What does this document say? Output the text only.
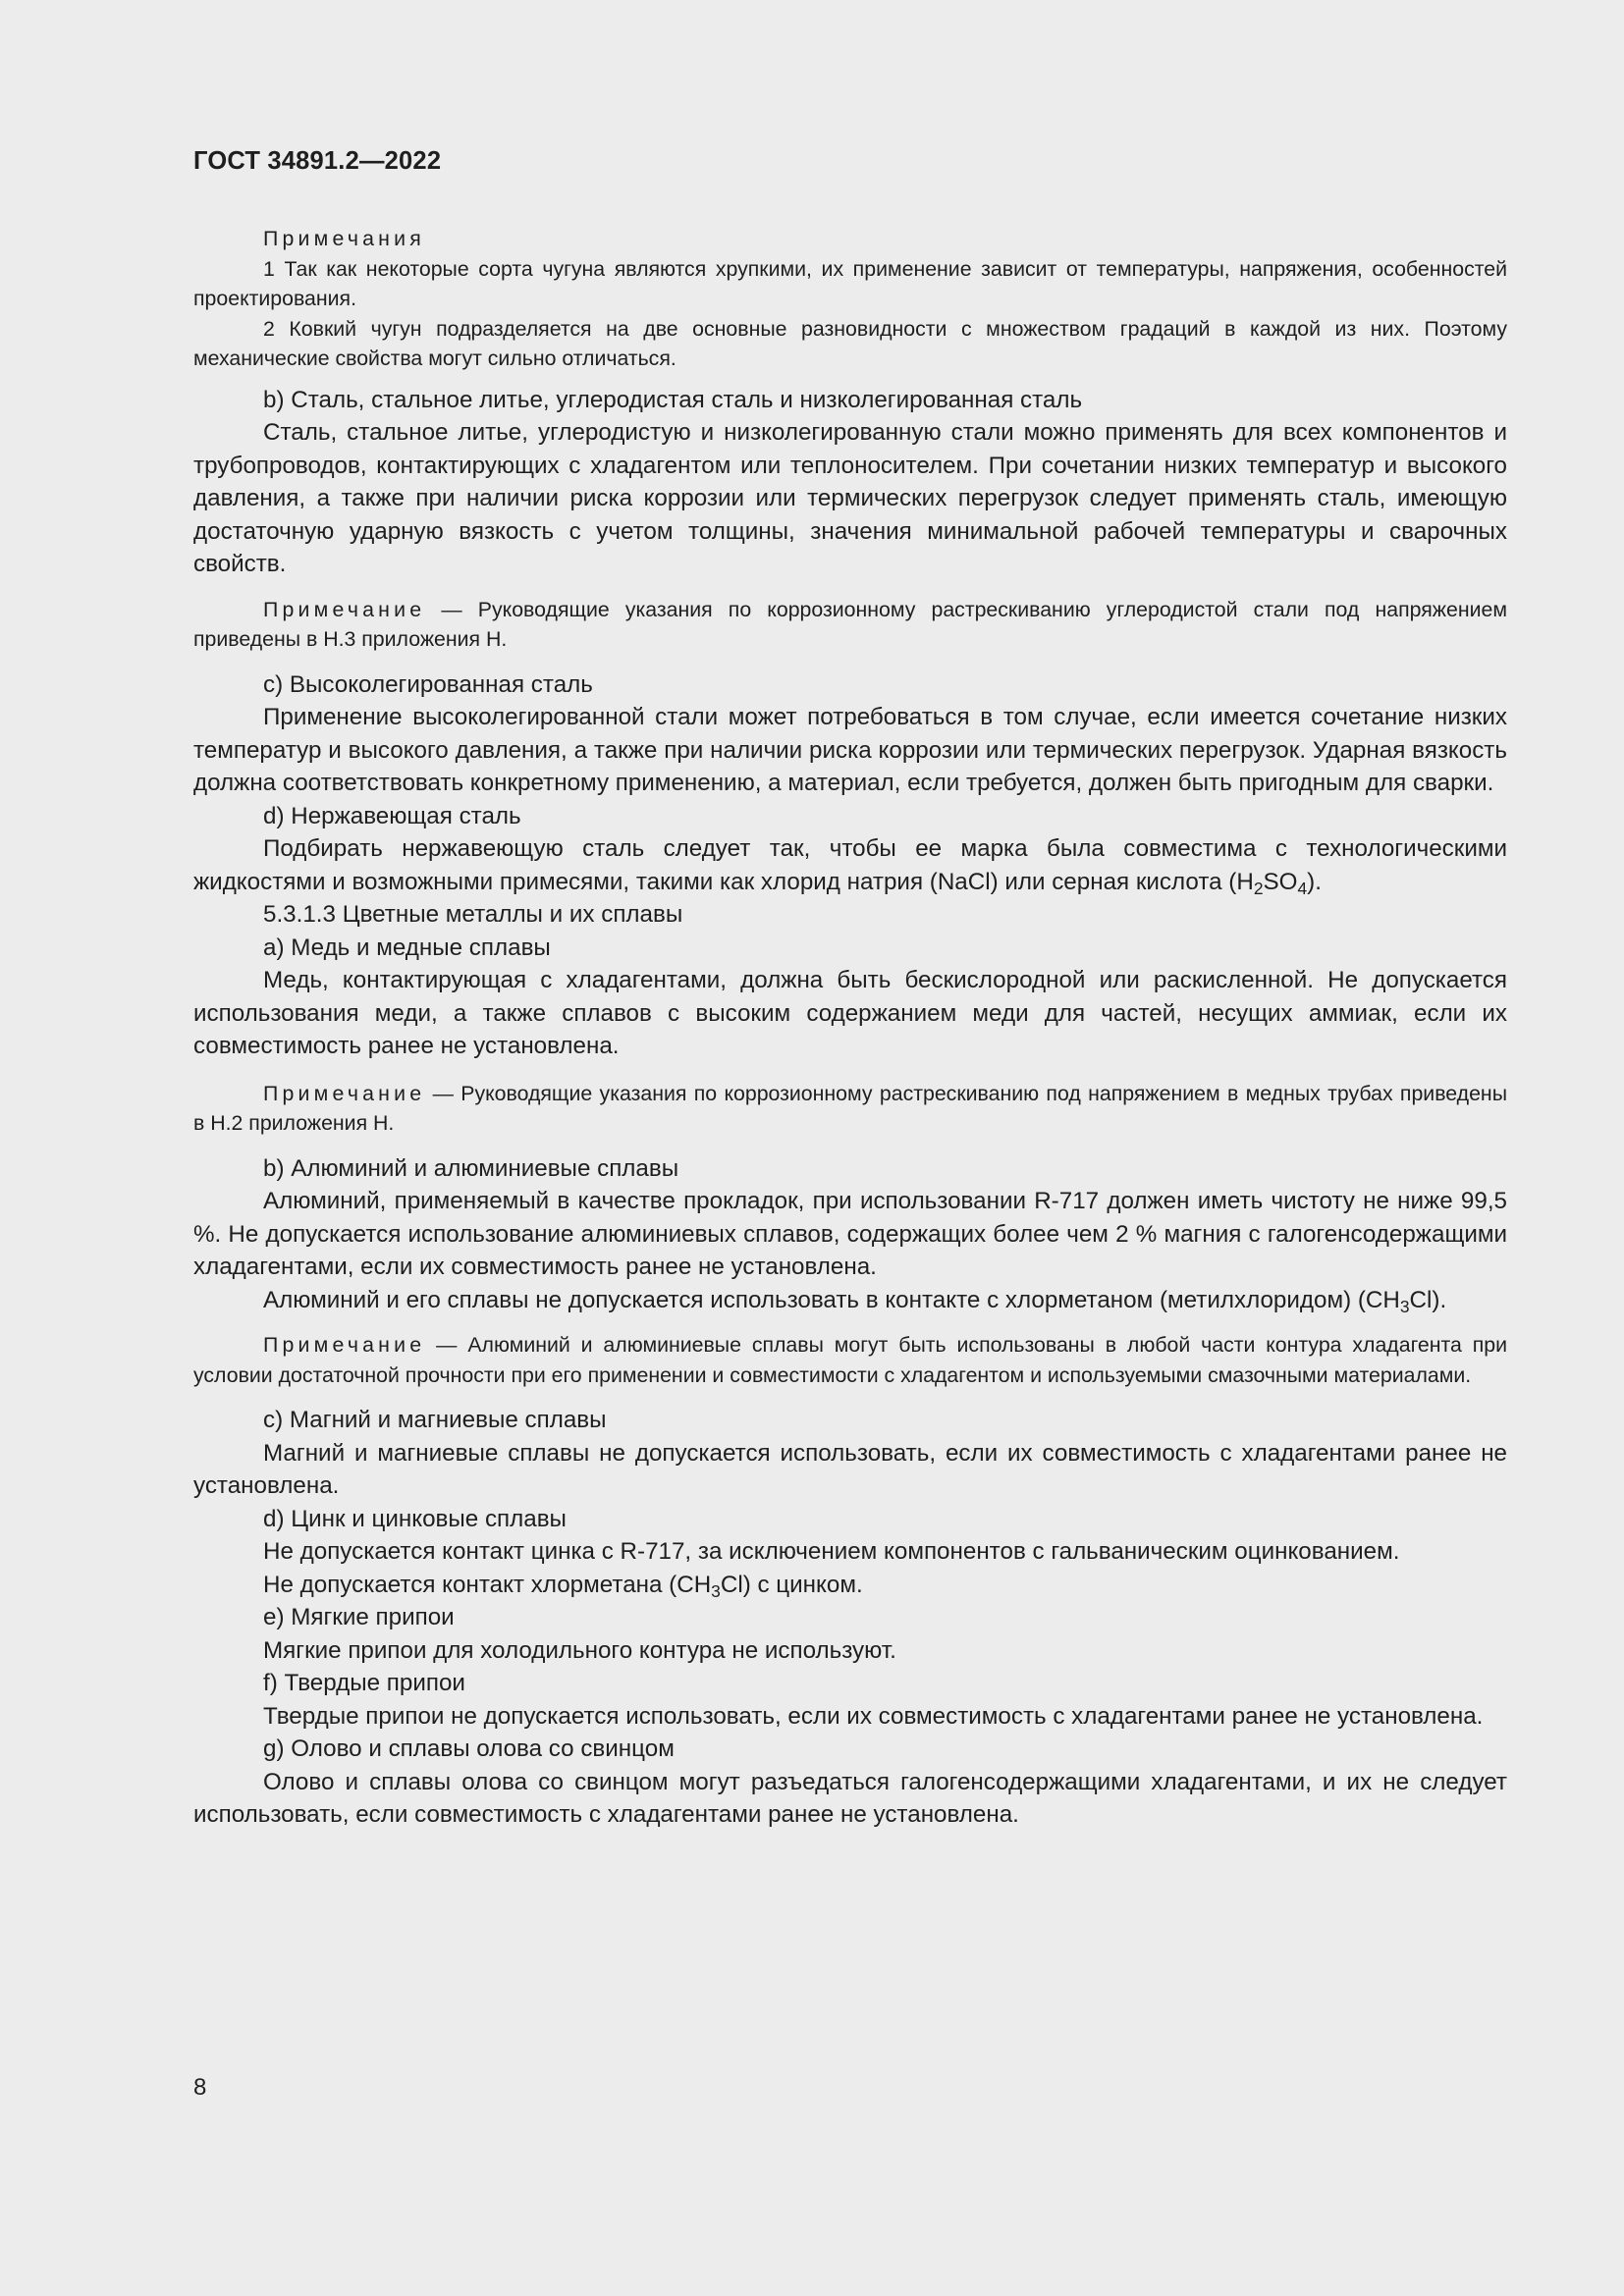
ГОСТ 34891.2—2022

Примечания

1 Так как некоторые сорта чугуна являются хрупкими, их применение зависит от температуры, напряжения, особенностей проектирования.

2 Ковкий чугун подразделяется на две основные разновидности с множеством градаций в каждой из них. Поэтому механические свойства могут сильно отличаться.

b) Сталь, стальное литье, углеродистая сталь и низколегированная сталь

Сталь, стальное литье, углеродистую и низколегированную стали можно применять для всех компонентов и трубопроводов, контактирующих с хладагентом или теплоносителем. При сочетании низких температур и высокого давления, а также при наличии риска коррозии или термических перегрузок следует применять сталь, имеющую достаточную ударную вязкость с учетом толщины, значения минимальной рабочей температуры и сварочных свойств.

Примечание — Руководящие указания по коррозионному растрескиванию углеродистой стали под напряжением приведены в H.3 приложения Н.

c) Высоколегированная сталь

Применение высоколегированной стали может потребоваться в том случае, если имеется сочетание низких температур и высокого давления, а также при наличии риска коррозии или термических перегрузок. Ударная вязкость должна соответствовать конкретному применению, а материал, если требуется, должен быть пригодным для сварки.

d) Нержавеющая сталь

Подбирать нержавеющую сталь следует так, чтобы ее марка была совместима с технологическими жидкостями и возможными примесями, такими как хлорид натрия (NaCl) или серная кислота $(H_2SO_4)$.

5.3.1.3 Цветные металлы и их сплавы

a) Медь и медные сплавы

Медь, контактирующая с хладагентами, должна быть бескислородной или раскисленной. Не допускается использования меди, а также сплавов с высоким содержанием меди для частей, несущих аммиак, если их совместимость ранее не установлена.

Примечание — Руководящие указания по коррозионному растрескиванию под напряжением в медных трубах приведены в H.2 приложения Н.

b) Алюминий и алюминиевые сплавы

Алюминий, применяемый в качестве прокладок, при использовании R-717 должен иметь чистоту не ниже 99,5 %. Не допускается использование алюминиевых сплавов, содержащих более чем 2 % магния с галогенсодержащими хладагентами, если их совместимость ранее не установлена.

Алюминий и его сплавы не допускается использовать в контакте с хлорметаном (метилхлоридом) $(CH_3Cl)$.

Примечание — Алюминий и алюминиевые сплавы могут быть использованы в любой части контура хладагента при условии достаточной прочности при его применении и совместимости с хладагентом и используемыми смазочными материалами.

c) Магний и магниевые сплавы

Магний и магниевые сплавы не допускается использовать, если их совместимость с хладагентами ранее не установлена.

d) Цинк и цинковые сплавы

Не допускается контакт цинка с R-717, за исключением компонентов с гальваническим оцинкованием.

Не допускается контакт хлорметана $(CH_3Cl)$ с цинком.

e) Мягкие припои

Мягкие припои для холодильного контура не используют.

f) Твердые припои

Твердые припои не допускается использовать, если их совместимость с хладагентами ранее не установлена.

g) Олово и сплавы олова со свинцом

Олово и сплавы олова со свинцом могут разъедаться галогенсодержащими хладагентами, и их не следует использовать, если совместимость с хладагентами ранее не установлена.

8
